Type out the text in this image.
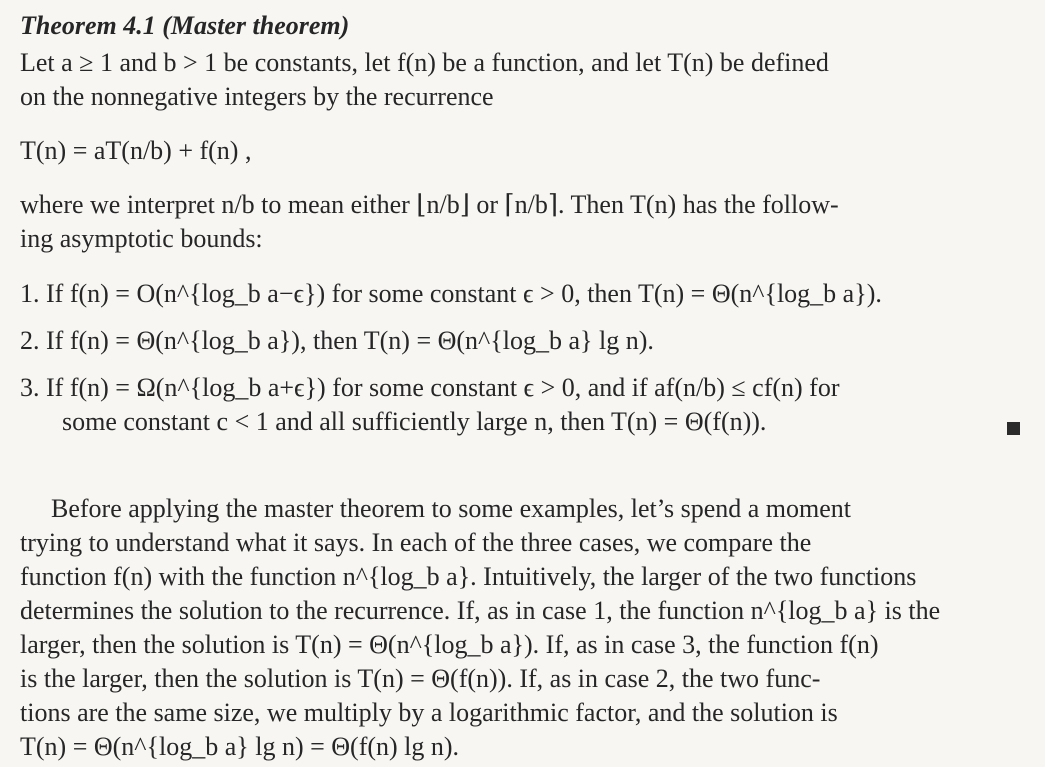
Theorem 4.1 (Master theorem)
Let a ≥ 1 and b > 1 be constants, let f(n) be a function, and let T(n) be defined
on the nonnegative integers by the recurrence
T(n) = aT(n/b) + f(n) ,
where we interpret n/b to mean either ⌊n/b⌋ or ⌈n/b⌉. Then T(n) has the follow-
ing asymptotic bounds:
1. If f(n) = O(n^{log_b a−ϵ}) for some constant ϵ > 0, then T(n) = Θ(n^{log_b a}).
2. If f(n) = Θ(n^{log_b a}), then T(n) = Θ(n^{log_b a} lg n).
3. If f(n) = Ω(n^{log_b a+ϵ}) for some constant ϵ > 0, and if af(n/b) ≤ cf(n) for
some constant c < 1 and all sufficiently large n, then T(n) = Θ(f(n)).
Before applying the master theorem to some examples, let’s spend a moment
trying to understand what it says. In each of the three cases, we compare the
function f(n) with the function n^{log_b a}. Intuitively, the larger of the two functions
determines the solution to the recurrence. If, as in case 1, the function n^{log_b a} is the
larger, then the solution is T(n) = Θ(n^{log_b a}). If, as in case 3, the function f(n)
is the larger, then the solution is T(n) = Θ(f(n)). If, as in case 2, the two func-
tions are the same size, we multiply by a logarithmic factor, and the solution is
T(n) = Θ(n^{log_b a} lg n) = Θ(f(n) lg n).
